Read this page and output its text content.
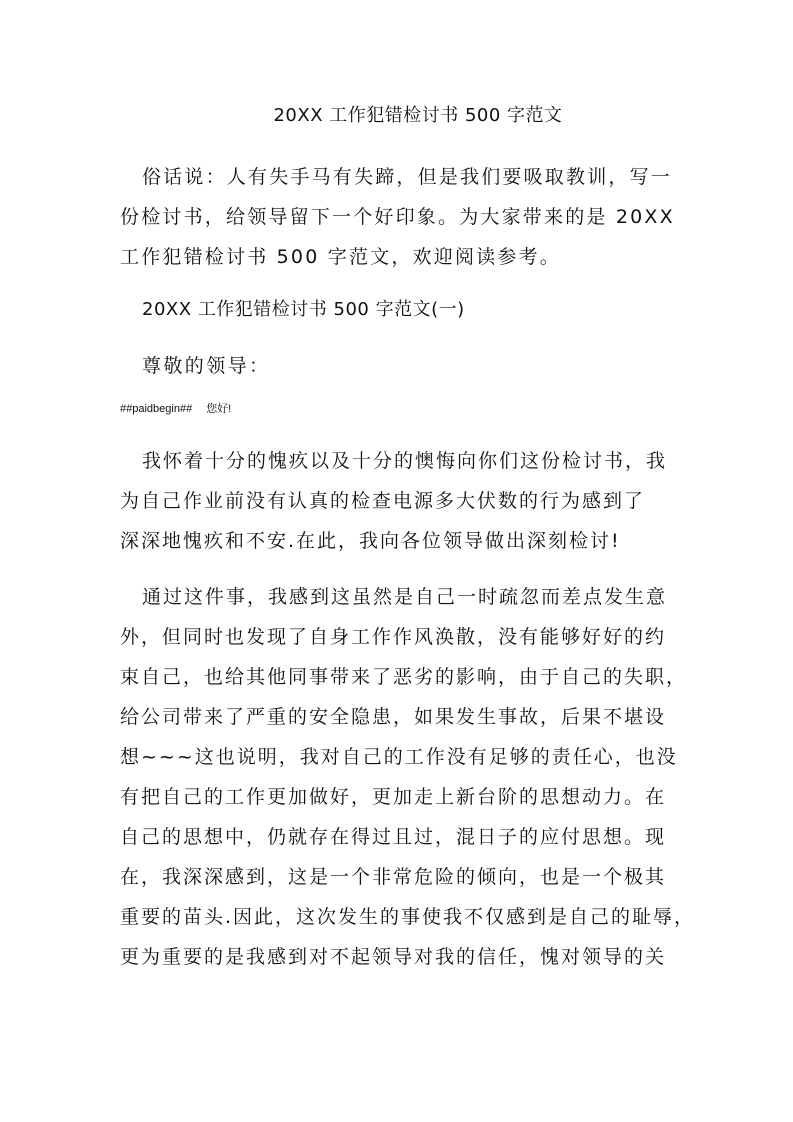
20XX 工作犯错检讨书 500 字范文
俗话说：人有失手马有失蹄，但是我们要吸取教训，写一
份检讨书，给领导留下一个好印象。为大家带来的是 20XX
工作犯错检讨书 500 字范文，欢迎阅读参考。
20XX 工作犯错检讨书 500 字范文(一)
尊敬的领导：
##paidbegin## 您好!
我怀着十分的愧疚以及十分的懊悔向你们这份检讨书，我
为自己作业前没有认真的检查电源多大伏数的行为感到了
深深地愧疚和不安.在此，我向各位领导做出深刻检讨!
通过这件事，我感到这虽然是自己一时疏忽而差点发生意
外，但同时也发现了自身工作作风涣散，没有能够好好的约
束自己，也给其他同事带来了恶劣的影响，由于自己的失职，
给公司带来了严重的安全隐患，如果发生事故，后果不堪设
想~~~这也说明，我对自己的工作没有足够的责任心，也没
有把自己的工作更加做好，更加走上新台阶的思想动力。在
自己的思想中，仍就存在得过且过，混日子的应付思想。现
在，我深深感到，这是一个非常危险的倾向，也是一个极其
重要的苗头.因此，这次发生的事使我不仅感到是自己的耻辱，
更为重要的是我感到对不起领导对我的信任，愧对领导的关
